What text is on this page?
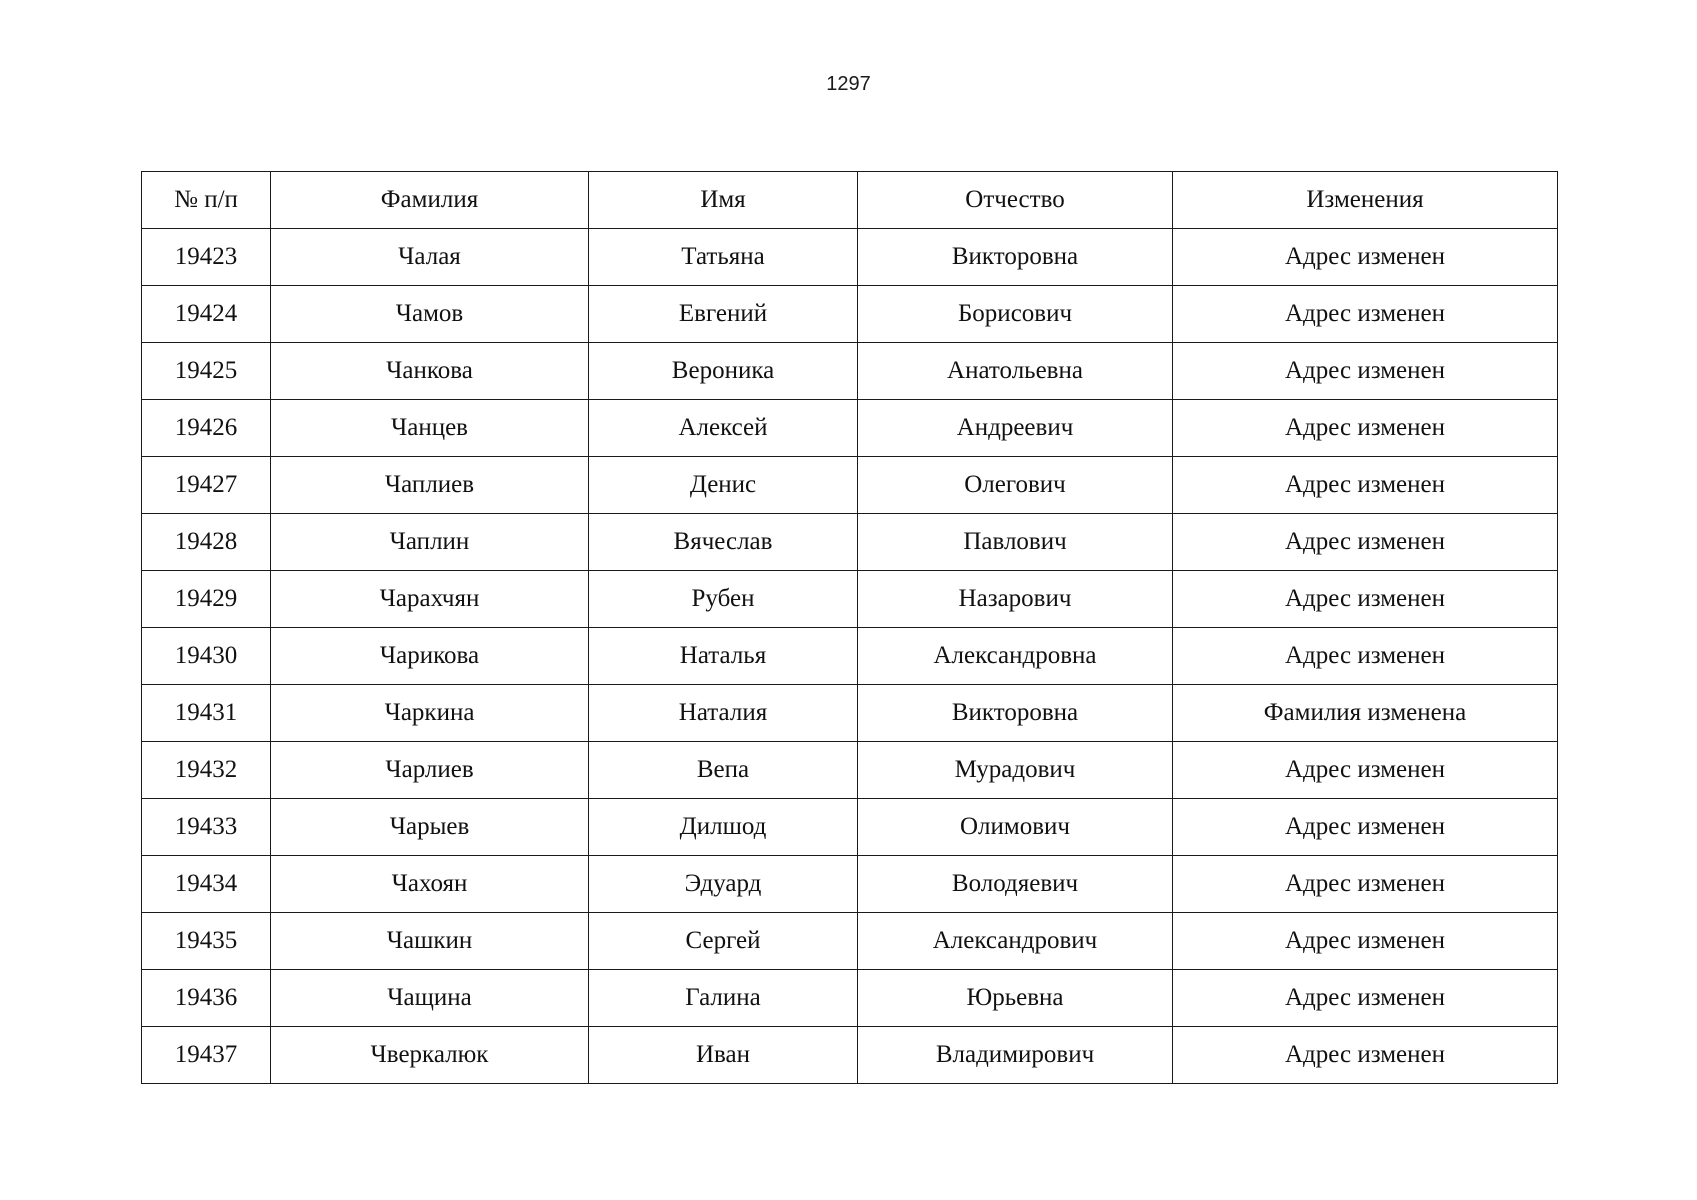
1297
№ п/п	Фамилия	Имя	Отчество	Изменения
19423	Чалая	Татьяна	Викторовна	Адрес изменен
19424	Чамов	Евгений	Борисович	Адрес изменен
19425	Чанкова	Вероника	Анатольевна	Адрес изменен
19426	Чанцев	Алексей	Андреевич	Адрес изменен
19427	Чаплиев	Денис	Олегович	Адрес изменен
19428	Чаплин	Вячеслав	Павлович	Адрес изменен
19429	Чарахчян	Рубен	Назарович	Адрес изменен
19430	Чарикова	Наталья	Александровна	Адрес изменен
19431	Чаркина	Наталия	Викторовна	Фамилия изменена
19432	Чарлиев	Вепа	Мурадович	Адрес изменен
19433	Чарыев	Дилшод	Олимович	Адрес изменен
19434	Чахоян	Эдуард	Володяевич	Адрес изменен
19435	Чашкин	Сергей	Александрович	Адрес изменен
19436	Чащина	Галина	Юрьевна	Адрес изменен
19437	Чверкалюк	Иван	Владимирович	Адрес изменен
